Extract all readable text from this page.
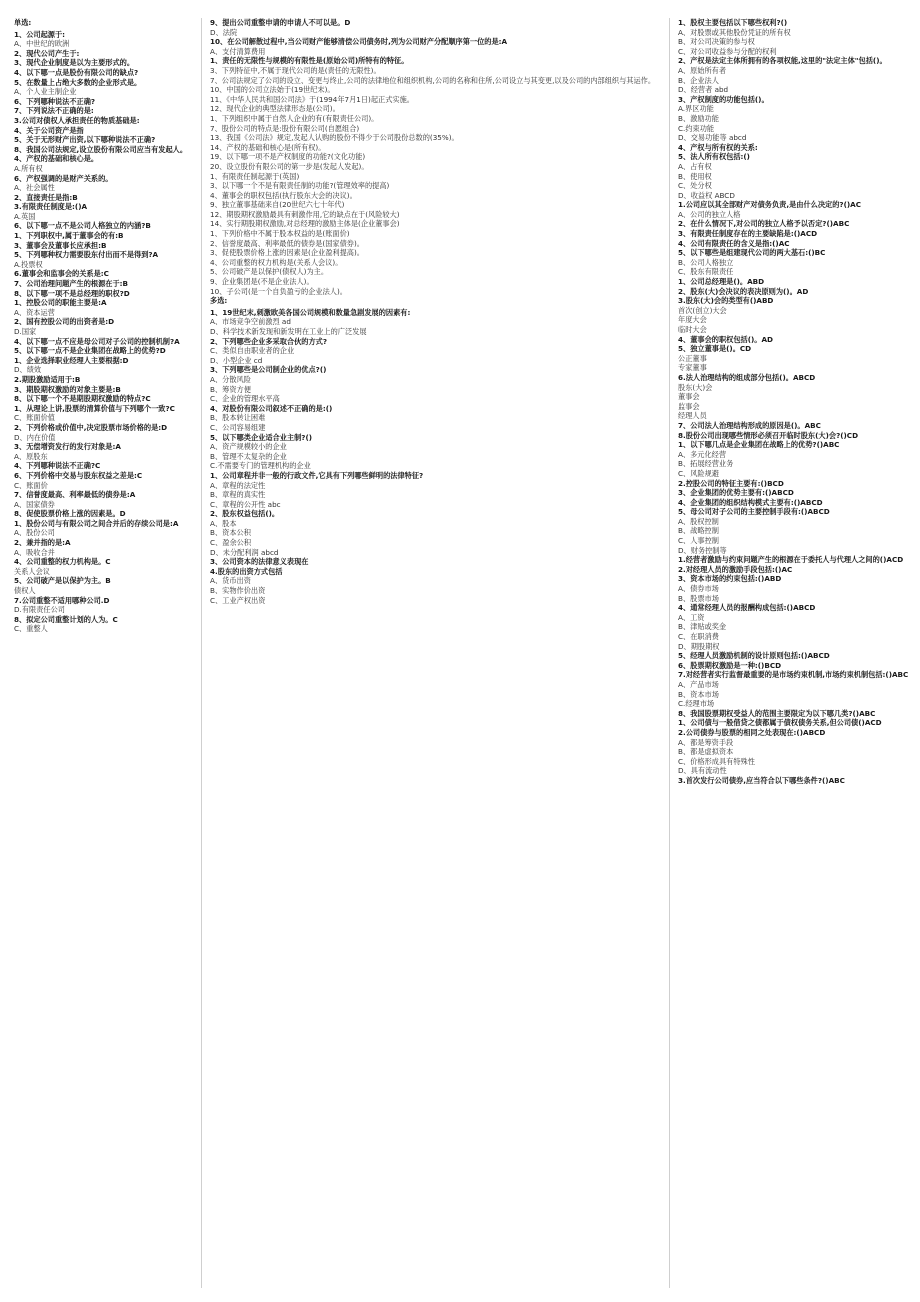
单选:
1、公司起源于:
A、中世纪的欧洲
2、现代公司产生于:
3、现代企业制度是以为主要形式的。
4、以下哪一点是股份有限公司的缺点?
5、在数量上占绝大多数的企业形式是。
A、个人业主制企业
6、下列哪种说法不正确?
7、下列说法不正确的是:
3.公司对债权人承担责任的物质基础是:
4、关于公司资产是指
5、关于无形财产出资,以下哪种说法不正确?
8、我国公司法规定,设立股份有限公司应当有发起人。
4、产权的基础和核心是。
A.所有权
6、产权强调的是财产关系的。
A、社会属性
2、直接责任是指:B
3.有限责任制度是:()A
A.英国
6、以下哪一点不是公司人格独立的内涵?B
1、下列职权中,属于董事会的有:B
3、董事会及董事长应承担:B
5、下列哪种权力需要股东付出而不是得到?A
A.投票权
6.董事会和监事会的关系是:C
7、公司治理问题产生的根源在于:B
8、以下哪一项不是总经理的职权?D
1、控股公司的职能主要是:A
A、资本运营
2、国有控股公司的出资者是:D
D.国家
4、以下哪一点不应是母公司对子公司的控制机制?A
5、以下哪一点不是企业集团在战略上的优势?D
1、企业选择职业经理人主要根据:D
D、绩效
2.期股激励适用于:B
3、期股期权激励的对象主要是:B
8、以下哪一个不是期股期权激励的特点?C
1、从理论上讲,股票的清算价值与下列哪个一致?C
C、账面价值
2、下列价格或价值中,决定股票市场价格的是:D
D、内在价值
3、无偿增资发行的发行对象是:A
A、原股东
4、下列哪种说法不正确?C
6、下列价格中交易与股东权益之差是:C
C、账面价
7、信誉度最高、利率最低的债券是:A
A、国家债券
8、促使股票价格上涨的因素是。D
1、股份公司与有限公司之间合并后的存续公司是:A
A、股份公司
2、兼并指的是:A
A、吸收合并
4、公司重整的权力机构是。C
关系人会议
5、公司破产是以保护为主。B
债权人
7.公司重整不适用哪种公司.D
D.有限责任公司
8、拟定公司重整计划的人为。C
C、重整人
9、提出公司重整申请的申请人不可以是。D
D、法院
10、在公司解散过程中,当公司财产能够清偿公司债务时,列为公司财产分配顺序第一位的是:A
A、支付清算费用
1、责任的无限性与规模的有限性是(原始公司)所特有的特征。
3、下列特征中,不属于现代公司的是(责任的无限性)。
7、公司法规定了公司的设立、变更与终止,公司的法律地位和组织机构,公司的名称和住所,公司设立与其变更,以及公司的内部组织与其运作。
10、中国的公司立法始于(19世纪末)。
11、《中华人民共和国公司法》于(1994年7月1日)起正式实施。
12、现代企业的典型法律形态是(公司)。
1、下列组织中属于自然人企业的有(有限责任公司)。
7、股份公司的特点是:股份有限公司(自愿组合)
13、我国《公司法》规定,发起人认购的股份不得少于公司股份总数的(35%)。
14、产权的基础和核心是(所有权)。
19、以下哪一项不是产权制度的功能?(文化功能)
20、设立股份有限公司的第一步是(发起人发起)。
1、有限责任制起源于(英国)
3、以下哪一个不是有限责任制的功能?(管理效率的提高)
4、董事会的职权包括(执行股东大会的决议)。
9、独立董事基础来自(20世纪六七十年代)
12、期股期权激励最具有刺激作用,它的缺点在于(风险较大)
14、实行期股期权激励,对总经理的激励主体是(企业董事会)
1、下列价格中不属于股本权益的是(账面价)
2、信誉度最高、利率最低的债券是(国家债券)。
3、促使股票价格上涨的因素是(企业盈利提高)。
4、公司重整的权力机构是(关系人会议)。
5、公司破产是以保护(债权人)为主。
9、企业集团是(不是企业法人)。
10、子公司(是一个自负盈亏的企业法人)。
多选:
1、19世纪末,刺激欧美各国公司规模和数量急剧发展的因素有:
A、市场竞争空前激烈 ad
D、科学技术新发现和新发明在工业上的广泛发展
2、下列哪些企业多采取合伙的方式?
C、类似自由职业者的企业
D、小型企业 cd
3、下列哪些是公司制企业的优点?()
A、分散风险
B、筹资方便
C、企业的管理水平高
4、对股份有限公司叙述不正确的是:()
B、股本转让困难
C、公司容易组建
5、以下哪类企业适合业主制?()
A、资产规模较小的企业
B、管理不太复杂的企业
C.不需要专门的管理机构的企业
1、公司章程并非一般的行政文件,它具有下列哪些鲜明的法律特征?
A、章程的法定性
B、章程的真实性
C、章程的公开性 abc
2、股东权益包括()。
A、股本
B、资本公积
C、盈余公积
D、未分配利润 abcd
3、公司资本的法律意义表现在
4.股东的出资方式包括
A、货币出资
B、实物作价出资
C、工业产权出资
1、股权主要包括以下哪些权利?()
A、对股票或其他股份凭证的所有权
B、对公司决策的参与权
C、对公司收益参与分配的权利
2、产权是法定主体所拥有的各项权能,这里的"法定主体"包括()。
A、原始所有者
B、企业法人
D、经营者 abd
3、产权制度的功能包括()。
A.界区功能
B、激励功能
C.约束功能
D、交易功能等 abcd
4、产权与所有权的关系:
5、法人所有权包括:()
A、占有权
B、使用权
C、处分权
D、收益权 ABCD
1.公司应以其全部财产对债务负责,是由什么决定的?()AC
A、公司的独立人格
2、在什么情况下,对公司的独立人格予以否定?()ABC
3、有限责任制度存在的主要缺陷是:()ACD
4、公司有限责任的含义是指:()AC
5、以下哪些是组建现代公司的两大基石:()BC
B、公司人格独立
C、股东有限责任
1、公司总经理是()。ABD
2、股东(大)会决议的表决原则为()。AD
3.股东(大)会的类型有()ABD
首次(创立)大会
年度大会
临时大会
4、董事会的职权包括()。AD
5、独立董事是()。CD
公正董事
专家董事
6.法人治理结构的组成部分包括()。ABCD
股东(大)会
董事会
监事会
经理人员
7、公司法人治理结构形成的原因是()。ABC
8.股份公司出现哪些情形必须召开临时股东(大)会?()CD
1、以下哪几点是企业集团在战略上的优势?()ABC
A、多元化经营
B、拓展经营业务
C、风险规避
2.控股公司的特征主要有:()BCD
3、企业集团的优势主要有:()ABCD
4、企业集团的组织结构模式主要有:()ABCD
5、母公司对子公司的主要控制手段有:()ABCD
A、股权控制
B、战略控制
C、人事控制
D、财务控制等
1.经营者激励与约束问题产生的根源在于委托人与代理人之间的()ACD
2.对经理人员的激励手段包括:()AC
3、资本市场的约束包括:()ABD
A、债券市场
B、股票市场
4、通常经理人员的报酬构成包括:()ABCD
A、工资
B、津贴或奖金
C、在职消费
D、期股期权
5、经理人员激励机制的设计原则包括:()ABCD
6、股票期权激励是一种:()BCD
7.对经营者实行监督最重要的是市场约束机制,市场约束机制包括:()ABC
A、产品市场
B、资本市场
C.经理市场
8、我国股票期权受益人的范围主要限定为以下哪几类?()ABC
1、公司债与一般借贷之债都属于债权债务关系,但公司债()ACD
2.公司债券与股票的相同之处表现在:()ABCD
A、都是筹资手段
B、都是虚拟资本
C、价格形成具有特殊性
D、具有流动性
3.首次发行公司债券,应当符合以下哪些条件?()ABC
